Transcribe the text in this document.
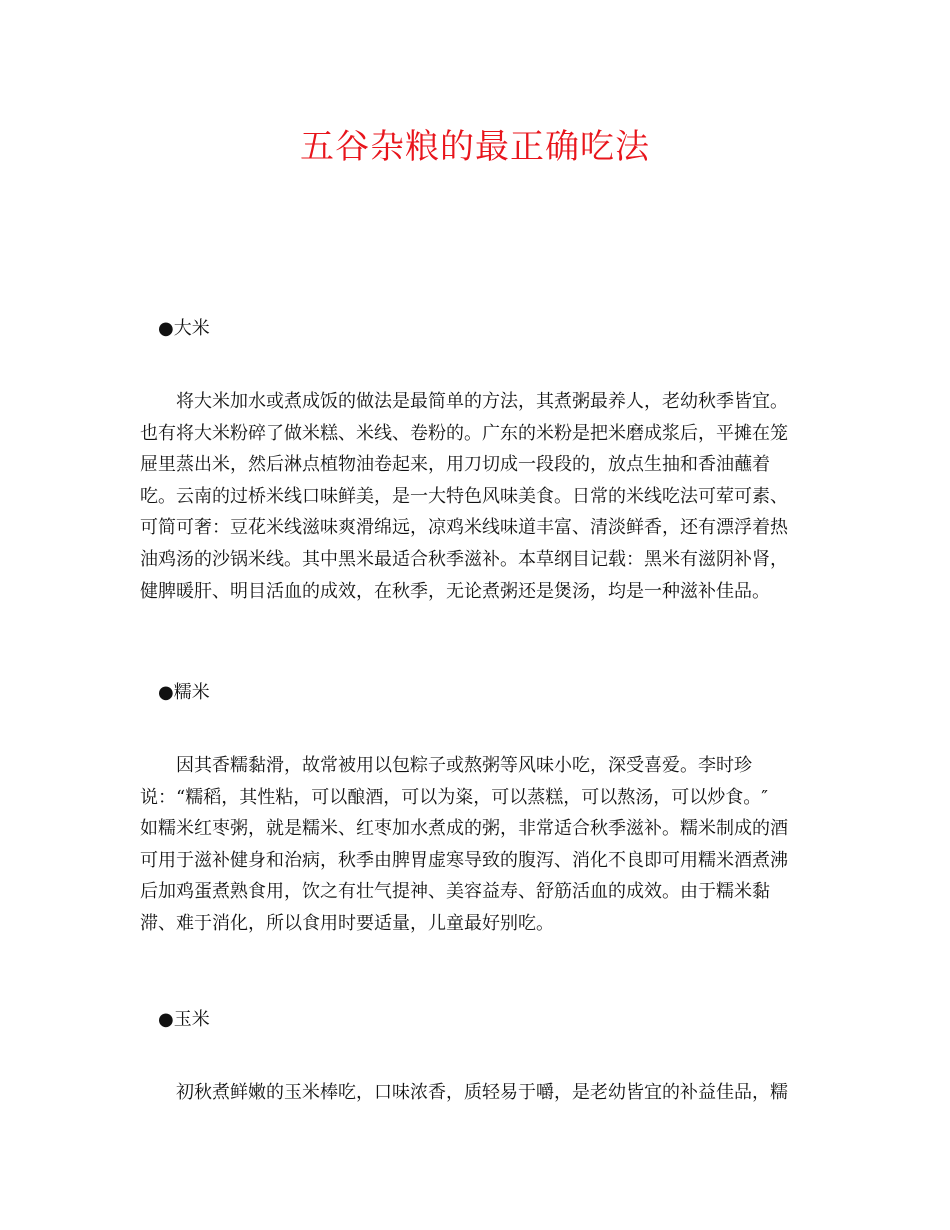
五谷杂粮的最正确吃法
●大米
将大米加水或煮成饭的做法是最简单的方法，其煮粥最养人，老幼秋季皆宜。
也有将大米粉碎了做米糕、米线、卷粉的。广东的米粉是把米磨成浆后，平摊在笼
屉里蒸出米，然后淋点植物油卷起来，用刀切成一段段的，放点生抽和香油蘸着
吃。云南的过桥米线口味鲜美，是一大特色风味美食。日常的米线吃法可荤可素、
可简可奢：豆花米线滋味爽滑绵远，凉鸡米线味道丰富、清淡鲜香，还有漂浮着热
油鸡汤的沙锅米线。其中黑米最适合秋季滋补。本草纲目记载：黑米有滋阴补肾，
健脾暖肝、明目活血的成效，在秋季，无论煮粥还是煲汤，均是一种滋补佳品。
●糯米
因其香糯黏滑，故常被用以包粽子或熬粥等风味小吃，深受喜爱。李时珍
说：“糯稻，其性粘，可以酿酒，可以为粢，可以蒸糕，可以熬汤，可以炒食。″
如糯米红枣粥，就是糯米、红枣加水煮成的粥，非常适合秋季滋补。糯米制成的酒
可用于滋补健身和治病，秋季由脾胃虚寒导致的腹泻、消化不良即可用糯米酒煮沸
后加鸡蛋煮熟食用，饮之有壮气提神、美容益寿、舒筋活血的成效。由于糯米黏
滞、难于消化，所以食用时要适量，儿童最好别吃。
●玉米
初秋煮鲜嫩的玉米棒吃，口味浓香，质轻易于嚼，是老幼皆宜的补益佳品，糯
